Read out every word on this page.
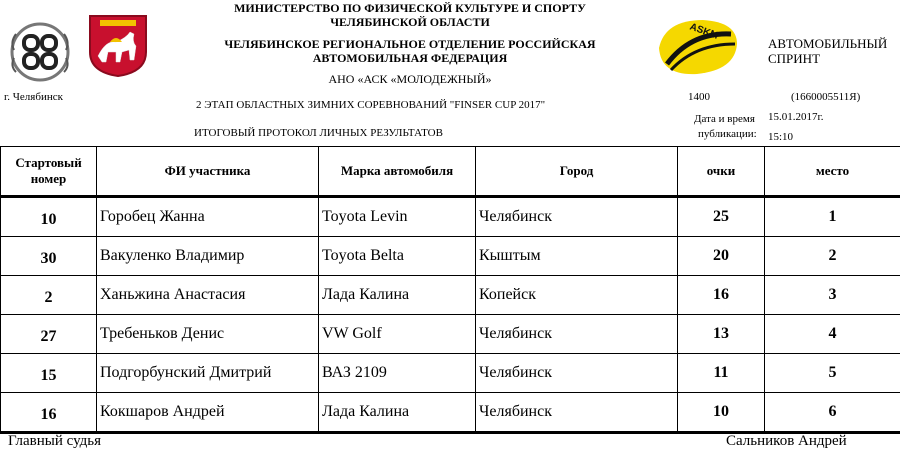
МИНИСТЕРСТВО ПО ФИЗИЧЕСКОЙ КУЛЬТУРЕ И СПОРТУ
ЧЕЛЯБИНСКОЙ ОБЛАСТИ
ЧЕЛЯБИНСКОЕ РЕГИОНАЛЬНОЕ ОТДЕЛЕНИЕ РОССИЙСКАЯ
АВТОМОБИЛЬНАЯ ФЕДЕРАЦИЯ
АНО «АСК «МОЛОДЕЖНЫЙ»
ASKM
АВТОМОБИЛЬНЫЙ
СПРИНТ
г. Челябинск
2 ЭТАП ОБЛАСТНЫХ ЗИМНИХ СОРЕВНОВАНИЙ "FINSER CUP 2017"
1400	(1660005511Я)
Дата и время 15.01.2017г.
публикации: 15:10
ИТОГОВЫЙ ПРОТОКОЛ ЛИЧНЫХ РЕЗУЛЬТАТОВ
Стартовый номер	ФИ участника	Марка автомобиля	Город	очки	место
10	Горобец Жанна	Toyota Levin	Челябинск	25	1
30	Вакуленко Владимир	Toyota Belta	Кыштым	20	2
2	Ханьжина Анастасия	Лада Калина	Копейск	16	3
27	Требеньков Денис	VW Golf	Челябинск	13	4
15	Подгорбунский Дмитрий	ВАЗ 2109	Челябинск	11	5
16	Кокшаров Андрей	Лада Калина	Челябинск	10	6
Главный судья	Сальников Андрей
